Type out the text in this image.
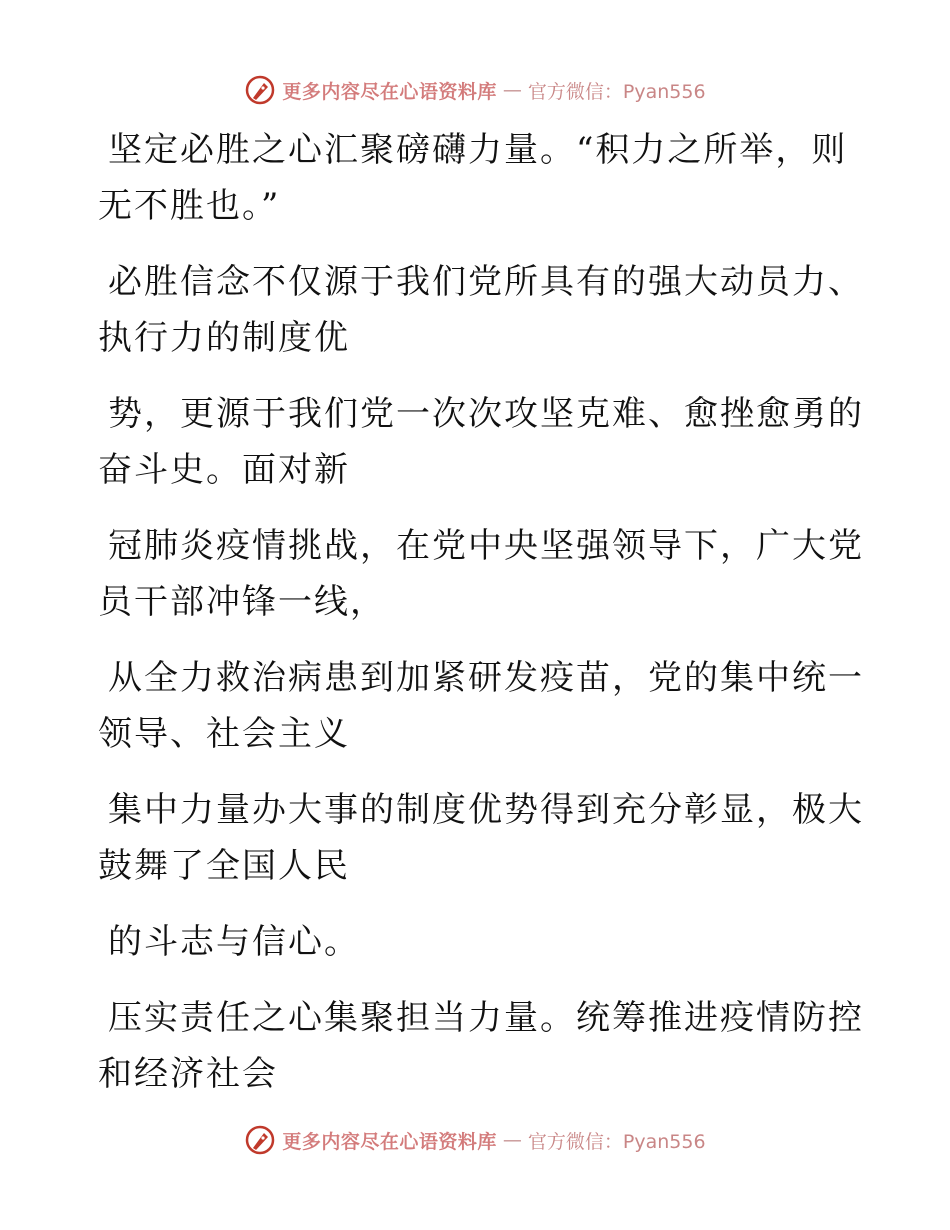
更多内容尽在心语资料库 — 官方微信：Pyan556

坚定必胜之心汇聚磅礴力量。“积力之所举，则
无不胜也。”

必胜信念不仅源于我们党所具有的强大动员力、
执行力的制度优

势，更源于我们党一次次攻坚克难、愈挫愈勇的
奋斗史。面对新

冠肺炎疫情挑战，在党中央坚强领导下，广大党
员干部冲锋一线，

从全力救治病患到加紧研发疫苗，党的集中统一
领导、社会主义

集中力量办大事的制度优势得到充分彰显，极大
鼓舞了全国人民

的斗志与信心。

压实责任之心集聚担当力量。统筹推进疫情防控
和经济社会

更多内容尽在心语资料库 — 官方微信：Pyan556
